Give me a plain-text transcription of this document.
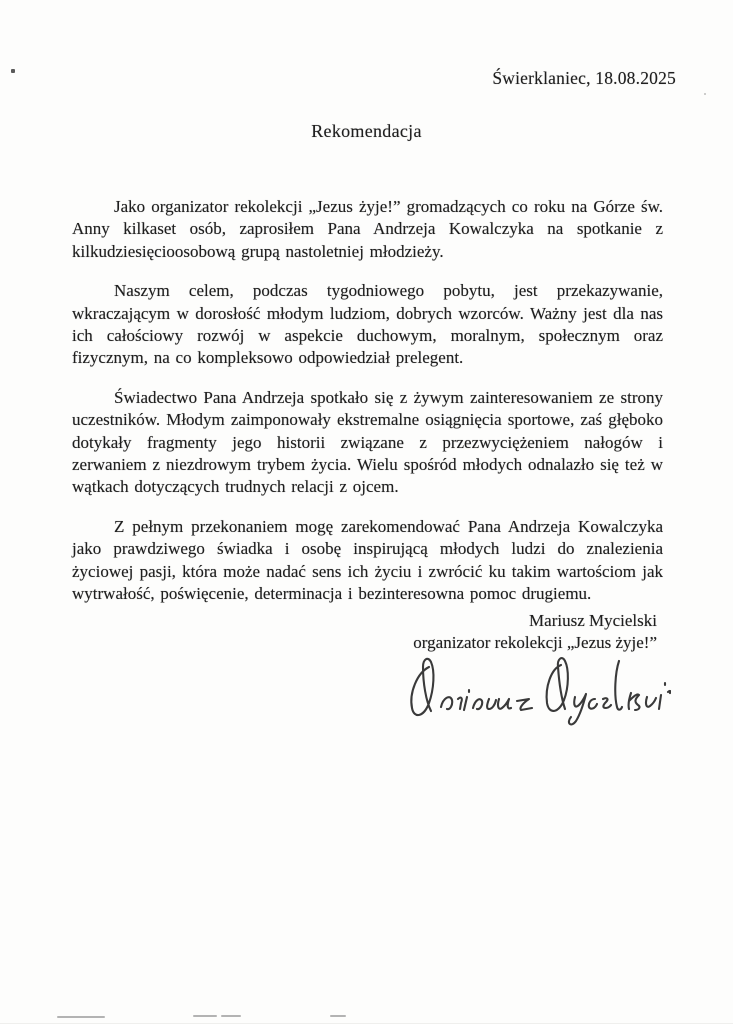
Świerklaniec, 18.08.2025
Rekomendacja

Jako organizator rekolekcji „Jezus żyje!” gromadzących co roku na Górze św. Anny kilkaset osób, zaprosiłem Pana Andrzeja Kowalczyka na spotkanie z kilkudziesięcioosobową grupą nastoletniej młodzieży.

Naszym celem, podczas tygodniowego pobytu, jest przekazywanie, wkraczającym w dorosłość młodym ludziom, dobrych wzorców. Ważny jest dla nas ich całościowy rozwój w aspekcie duchowym, moralnym, społecznym oraz fizycznym, na co kompleksowo odpowiedział prelegent.

Świadectwo Pana Andrzeja spotkało się z żywym zainteresowaniem ze strony uczestników. Młodym zaimponowały ekstremalne osiągnięcia sportowe, zaś głęboko dotykały fragmenty jego historii związane z przezwyciężeniem nałogów i zerwaniem z niezdrowym trybem życia. Wielu spośród młodych odnalazło się też w wątkach dotyczących trudnych relacji z ojcem.

Z pełnym przekonaniem mogę zarekomendować Pana Andrzeja Kowalczyka jako prawdziwego świadka i osobę inspirującą młodych ludzi do znalezienia życiowej pasji, która może nadać sens ich życiu i zwrócić ku takim wartościom jak wytrwałość, poświęcenie, determinacja i bezinteresowna pomoc drugiemu.

Mariusz Mycielski
organizator rekolekcji „Jezus żyje!”
